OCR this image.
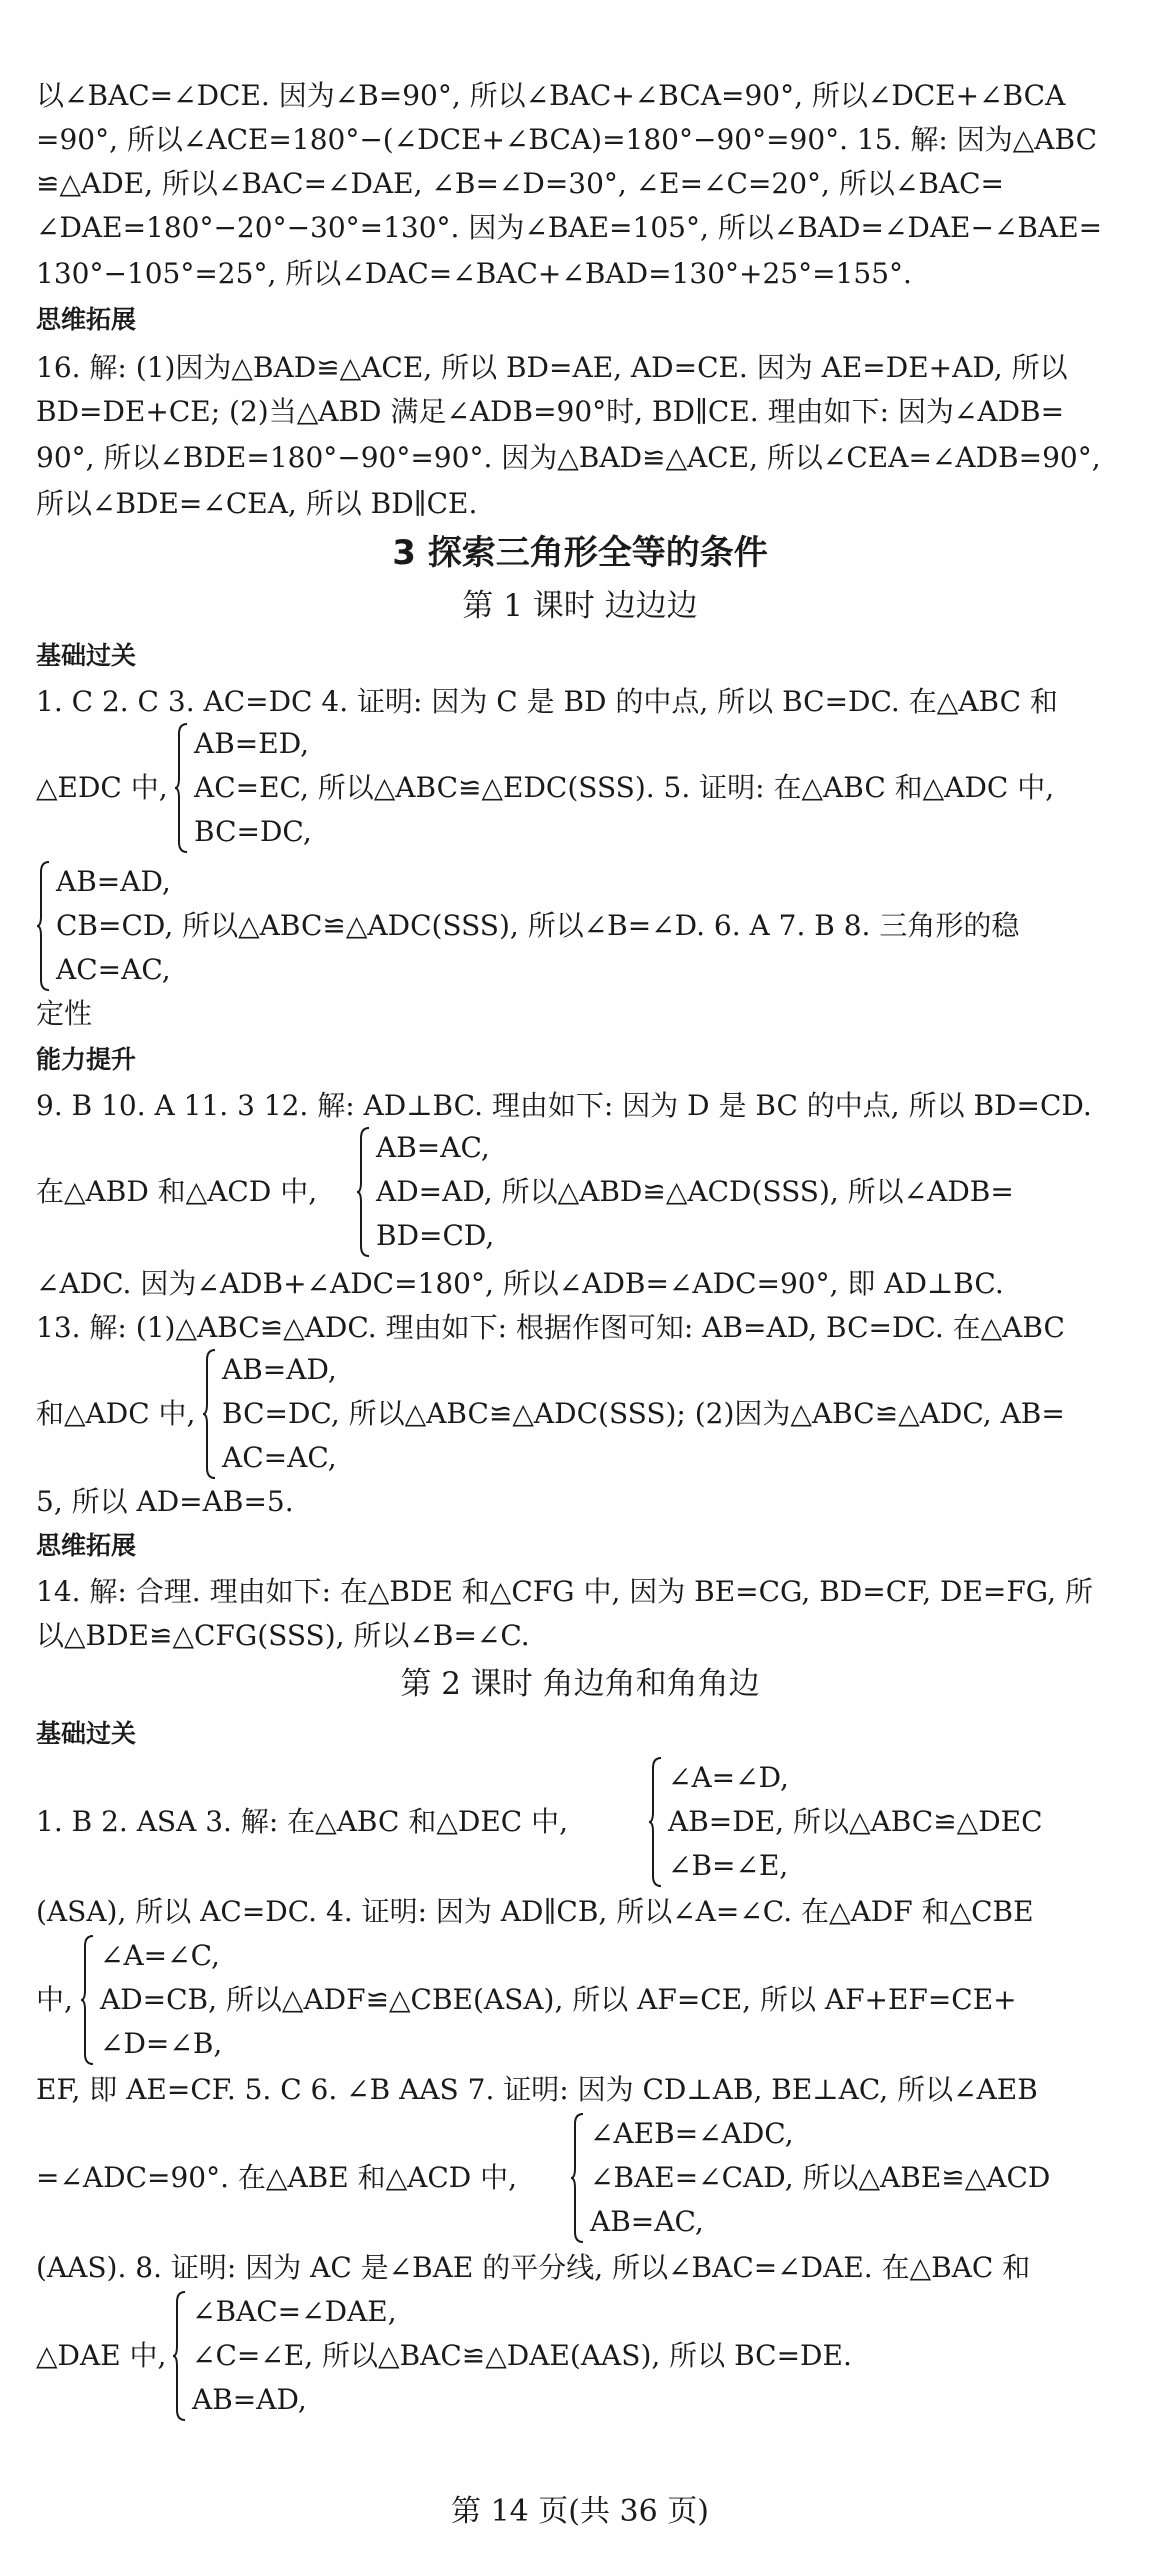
以∠BAC=∠DCE. 因为∠B=90°, 所以∠BAC+∠BCA=90°, 所以∠DCE+∠BCA
=90°, 所以∠ACE=180°−(∠DCE+∠BCA)=180°−90°=90°. 15. 解: 因为△ABC
≌△ADE, 所以∠BAC=∠DAE, ∠B=∠D=30°, ∠E=∠C=20°, 所以∠BAC=
∠DAE=180°−20°−30°=130°. 因为∠BAE=105°, 所以∠BAD=∠DAE−∠BAE=
130°−105°=25°, 所以∠DAC=∠BAC+∠BAD=130°+25°=155°.
思维拓展
16. 解: (1)因为△BAD≌△ACE, 所以 BD=AE, AD=CE. 因为 AE=DE+AD, 所以
BD=DE+CE; (2)当△ABD 满足∠ADB=90°时, BD∥CE. 理由如下: 因为∠ADB=
90°, 所以∠BDE=180°−90°=90°. 因为△BAD≌△ACE, 所以∠CEA=∠ADB=90°,
所以∠BDE=∠CEA, 所以 BD∥CE.
3 探索三角形全等的条件
第 1 课时 边边边
基础过关
1. C 2. C 3. AC=DC 4. 证明: 因为 C 是 BD 的中点, 所以 BC=DC. 在△ABC 和
△EDC 中,
AB=ED,
AC=EC, 所以△ABC≌△EDC(SSS). 5. 证明: 在△ABC 和△ADC 中,
BC=DC,
AB=AD,
CB=CD, 所以△ABC≌△ADC(SSS), 所以∠B=∠D. 6. A 7. B 8. 三角形的稳
AC=AC,
定性
能力提升
9. B 10. A 11. 3 12. 解: AD⊥BC. 理由如下: 因为 D 是 BC 的中点, 所以 BD=CD.
在△ABD 和△ACD 中,
AB=AC,
AD=AD, 所以△ABD≌△ACD(SSS), 所以∠ADB=
BD=CD,
∠ADC. 因为∠ADB+∠ADC=180°, 所以∠ADB=∠ADC=90°, 即 AD⊥BC.
13. 解: (1)△ABC≌△ADC. 理由如下: 根据作图可知: AB=AD, BC=DC. 在△ABC
和△ADC 中,
AB=AD,
BC=DC, 所以△ABC≌△ADC(SSS); (2)因为△ABC≌△ADC, AB=
AC=AC,
5, 所以 AD=AB=5.
思维拓展
14. 解: 合理. 理由如下: 在△BDE 和△CFG 中, 因为 BE=CG, BD=CF, DE=FG, 所
以△BDE≌△CFG(SSS), 所以∠B=∠C.
第 2 课时 角边角和角角边
基础过关
1. B 2. ASA 3. 解: 在△ABC 和△DEC 中,
∠A=∠D,
AB=DE, 所以△ABC≌△DEC
∠B=∠E,
(ASA), 所以 AC=DC. 4. 证明: 因为 AD∥CB, 所以∠A=∠C. 在△ADF 和△CBE
中,
∠A=∠C,
AD=CB, 所以△ADF≌△CBE(ASA), 所以 AF=CE, 所以 AF+EF=CE+
∠D=∠B,
EF, 即 AE=CF. 5. C 6. ∠B AAS 7. 证明: 因为 CD⊥AB, BE⊥AC, 所以∠AEB
=∠ADC=90°. 在△ABE 和△ACD 中,
∠AEB=∠ADC,
∠BAE=∠CAD, 所以△ABE≌△ACD
AB=AC,
(AAS). 8. 证明: 因为 AC 是∠BAE 的平分线, 所以∠BAC=∠DAE. 在△BAC 和
△DAE 中,
∠BAC=∠DAE,
∠C=∠E, 所以△BAC≌△DAE(AAS), 所以 BC=DE.
AB=AD,
第 14 页(共 36 页)
